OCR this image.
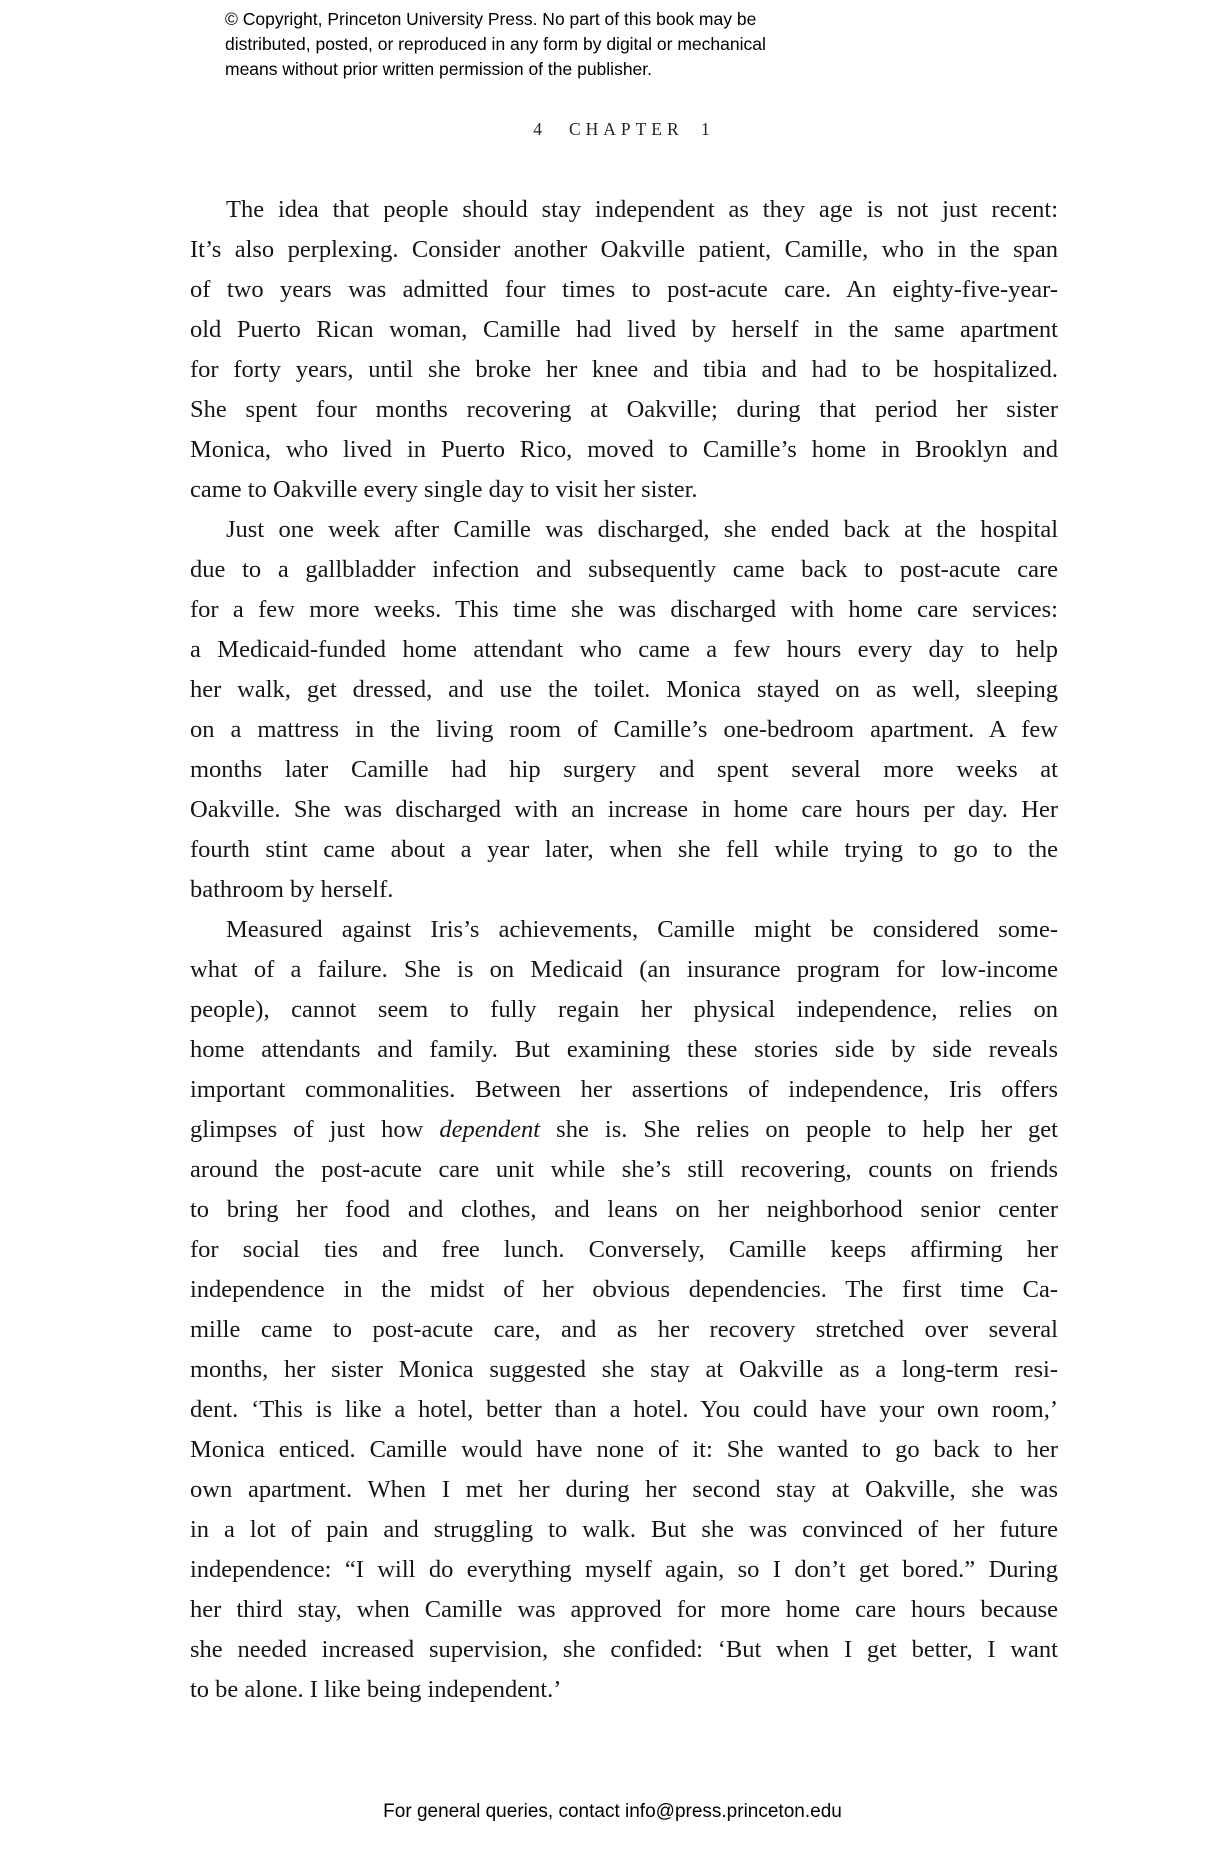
© Copyright, Princeton University Press. No part of this book may be
distributed, posted, or reproduced in any form by digital or mechanical
means without prior written permission of the publisher.
4 CHAPTER 1
The idea that people should stay independent as they age is not just recent:
It’s also perplexing. Consider another Oakville patient, Camille, who in the span
of two years was admitted four times to post-acute care. An eighty-five-year-
old Puerto Rican woman, Camille had lived by herself in the same apartment
for forty years, until she broke her knee and tibia and had to be hospitalized.
She spent four months recovering at Oakville; during that period her sister
Monica, who lived in Puerto Rico, moved to Camille’s home in Brooklyn and
came to Oakville every single day to visit her sister.
Just one week after Camille was discharged, she ended back at the hospital
due to a gallbladder infection and subsequently came back to post-acute care
for a few more weeks. This time she was discharged with home care services:
a Medicaid-funded home attendant who came a few hours every day to help
her walk, get dressed, and use the toilet. Monica stayed on as well, sleeping
on a mattress in the living room of Camille’s one-bedroom apartment. A few
months later Camille had hip surgery and spent several more weeks at
Oakville. She was discharged with an increase in home care hours per day. Her
fourth stint came about a year later, when she fell while trying to go to the
bathroom by herself.
Measured against Iris’s achievements, Camille might be considered some-
what of a failure. She is on Medicaid (an insurance program for low-income
people), cannot seem to fully regain her physical independence, relies on
home attendants and family. But examining these stories side by side reveals
important commonalities. Between her assertions of independence, Iris offers
glimpses of just how dependent she is. She relies on people to help her get
around the post-acute care unit while she’s still recovering, counts on friends
to bring her food and clothes, and leans on her neighborhood senior center
for social ties and free lunch. Conversely, Camille keeps affirming her
independence in the midst of her obvious dependencies. The first time Ca-
mille came to post-acute care, and as her recovery stretched over several
months, her sister Monica suggested she stay at Oakville as a long-term resi-
dent. ‘This is like a hotel, better than a hotel. You could have your own room,’
Monica enticed. Camille would have none of it: She wanted to go back to her
own apartment. When I met her during her second stay at Oakville, she was
in a lot of pain and struggling to walk. But she was convinced of her future
independence: “I will do everything myself again, so I don’t get bored.” During
her third stay, when Camille was approved for more home care hours because
she needed increased supervision, she confided: ‘But when I get better, I want
to be alone. I like being independent.’
For general queries, contact info@press.princeton.edu
